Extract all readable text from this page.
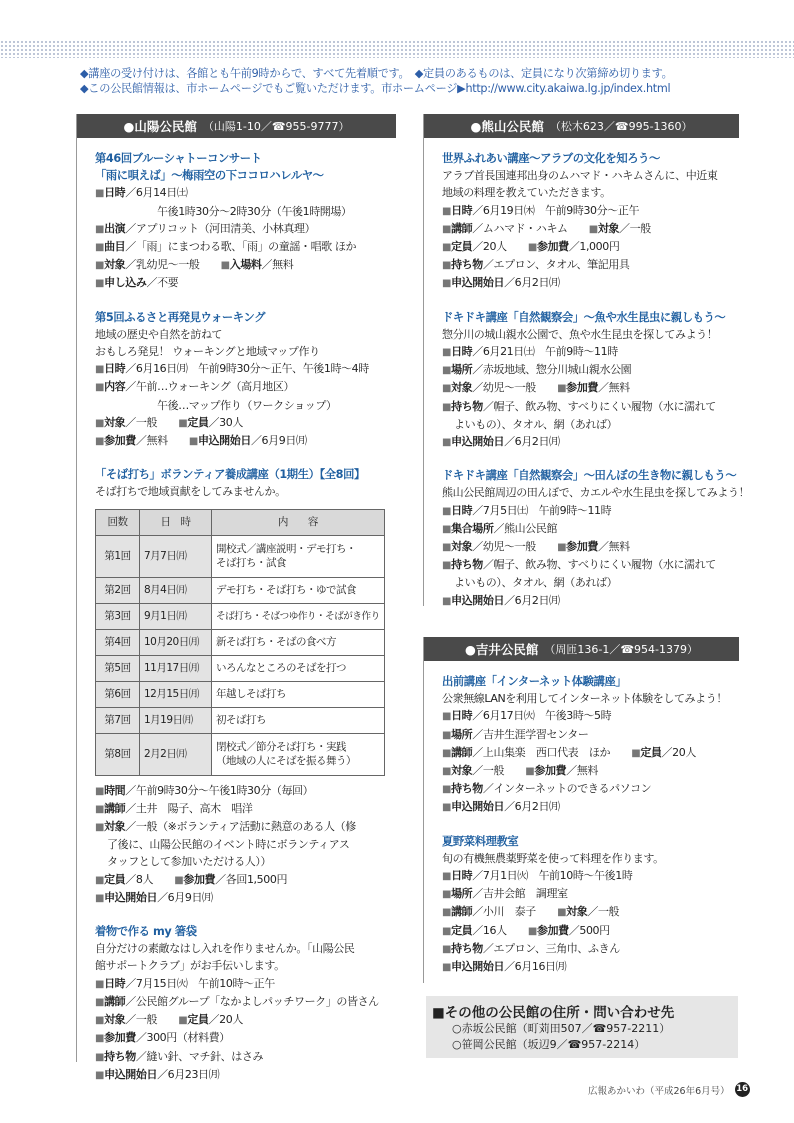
◆講座の受け付けは、各館とも午前9時からで、すべて先着順です。　◆定員のあるものは、定員になり次第締め切ります。
◆この公民館情報は、市ホームページでもご覧いただけます。市ホームページ▶http://www.city.akaiwa.lg.jp/index.html
●山陽公民館 （山陽1-10／☎955-9777）
第46回ブルーシャトーコンサート
「雨に唄えば」～梅雨空の下ココロハレルヤ～
■日時／6月14日㈯
午後1時30分～2時30分（午後1時開場）
■出演／アプリコット（河田清美、小林真理）
■曲目／「雨」にまつわる歌、「雨」の童謡・唱歌 ほか
■対象／乳幼児～一般　　 ■入場料／無料
■申し込み／不要
第5回ふるさと再発見ウォーキング
地域の歴史や自然を訪ねて
おもしろ発見！ ウォーキングと地域マップ作り
■日時／6月16日㈪　午前9時30分～正午、午後1時～4時
■内容／午前…ウォーキング（高月地区）
午後…マップ作り（ワークショップ）
■対象／一般　　 ■定員／30人
■参加費／無料　　 ■申込開始日／6月9日㈪
「そば打ち」ボランティア養成講座（1期生）【全8回】
そば打ちで地域貢献をしてみませんか。
回数	日　時	内　　容
第1回	7月7日㈪	開校式／講座説明・デモ打ち・
そば打ち・試食

第2回	8月4日㈪	デモ打ち・そば打ち・ゆで試食
第3回	9月1日㈪	そば打ち・そばつゆ作り・そばがき作り
第4回	10月20日㈪	新そば打ち・そばの食べ方
第5回	11月17日㈪	いろんなところのそばを打つ
第6回	12月15日㈪	年越しそば打ち
第7回	1月19日㈪	初そば打ち
第8回	2月2日㈪	閉校式／節分そば打ち・実践
（地域の人にそばを振る舞う）
■時間／午前9時30分～午後1時30分（毎回）
■講師／土井　陽子、高木　唱洋
■対象／一般（※ボランティア活動に熱意のある人（修
了後に、山陽公民館のイベント時にボランティアス
タッフとして参加いただける人））
■定員／8人　　 ■参加費／各回1,500円
■申込開始日／6月9日㈪
着物で作る my 箸袋
自分だけの素敵なはし入れを作りませんか。「山陽公民
館サポートクラブ」がお手伝いします。
■日時／7月15日㈫　午前10時～正午
■講師／公民館グループ「なかよしパッチワーク」の皆さん
■対象／一般　　 ■定員／20人
■参加費／300円（材料費）
■持ち物／縫い針、マチ針、はさみ
■申込開始日／6月23日㈪
●熊山公民館 （松木623／☎995-1360）
世界ふれあい講座～アラブの文化を知ろう～
アラブ首長国連邦出身のムハマド・ハキムさんに、中近東
地域の料理を教えていただきます。
■日時／6月19日㈭　午前9時30分～正午
■講師／ムハマド・ハキム　　 ■対象／一般
■定員／20人　　 ■参加費／1,000円
■持ち物／エプロン、タオル、筆記用具
■申込開始日／6月2日㈪
ドキドキ講座「自然観察会」～魚や水生昆虫に親しもう～
惣分川の城山親水公園で、魚や水生昆虫を探してみよう！
■日時／6月21日㈯　午前9時～11時
■場所／赤坂地域、惣分川城山親水公園
■対象／幼児～一般　　 ■参加費／無料
■持ち物／帽子、飲み物、すべりにくい履物（水に濡れて
よいもの）、タオル、網（あれば）
■申込開始日／6月2日㈪
ドキドキ講座「自然観察会」～田んぼの生き物に親しもう～
熊山公民館周辺の田んぼで、カエルや水生昆虫を探してみよう！
■日時／7月5日㈯　午前9時～11時
■集合場所／熊山公民館
■対象／幼児～一般　　 ■参加費／無料
■持ち物／帽子、飲み物、すべりにくい履物（水に濡れて
よいもの）、タオル、網（あれば）
■申込開始日／6月2日㈪
●吉井公民館 （周匝136-1／☎954-1379）
出前講座「インターネット体験講座」
公衆無線LANを利用してインターネット体験をしてみよう！
■日時／6月17日㈫　午後3時～5時
■場所／吉井生涯学習センター
■講師／上山集楽　西口代表　ほか　　 ■定員／20人
■対象／一般　　 ■参加費／無料
■持ち物／インターネットのできるパソコン
■申込開始日／6月2日㈪
夏野菜料理教室
旬の有機無農薬野菜を使って料理を作ります。
■日時／7月1日㈫　午前10時～午後1時
■場所／吉井会館　調理室
■講師／小川　泰子　　 ■対象／一般
■定員／16人　　 ■参加費／500円
■持ち物／エプロン、三角巾、ふきん
■申込開始日／6月16日㈪
■その他の公民館の住所・問い合わせ先
○赤坂公民館（町苅田507／☎957-2211）
○笹岡公民館（坂辺9／☎957-2214）
広報あかいわ（平成26年6月号） 16
